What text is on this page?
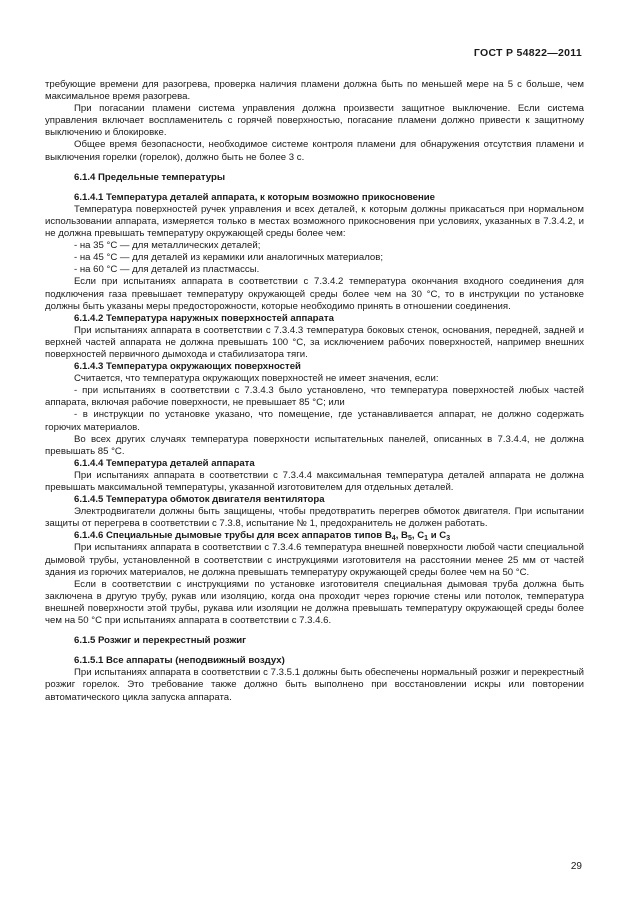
ГОСТ Р 54822—2011

требующие времени для разогрева, проверка наличия пламени должна быть по меньшей мере на 5 с больше, чем максимальное время разогрева.

При погасании пламени система управления должна произвести защитное выключение. Если система управления включает воспламенитель с горячей поверхностью, погасание пламени должно привести к защитному выключению и блокировке.

Общее время безопасности, необходимое системе контроля пламени для обнаружения отсутствия пламени и выключения горелки (горелок), должно быть не более 3 с.

6.1.4 Предельные температуры

6.1.4.1 Температура деталей аппарата, к которым возможно прикосновение

Температура поверхностей ручек управления и всех деталей, к которым должны прикасаться при нормальном использовании аппарата, измеряется только в местах возможного прикосновения при условиях, указанных в 7.3.4.2, и не должна превышать температуру окружающей среды более чем:

- на 35 °С — для металлических деталей;

- на 45 °С — для деталей из керамики или аналогичных материалов;

- на 60 °С — для деталей из пластмассы.

Если при испытаниях аппарата в соответствии с 7.3.4.2 температура окончания входного соединения для подключения газа превышает температуру окружающей среды более чем на 30 °С, то в инструкции по установке должны быть указаны меры предосторожности, которые необходимо принять в отношении соединения.

6.1.4.2 Температура наружных поверхностей аппарата

При испытаниях аппарата в соответствии с 7.3.4.3 температура боковых стенок, основания, передней, задней и верхней частей аппарата не должна превышать 100 °С, за исключением рабочих поверхностей, например внешних поверхностей первичного дымохода и стабилизатора тяги.

6.1.4.3 Температура окружающих поверхностей

Считается, что температура окружающих поверхностей не имеет значения, если:

- при испытаниях в соответствии с 7.3.4.3 было установлено, что температура поверхностей любых частей аппарата, включая рабочие поверхности, не превышает 85 °С; или

- в инструкции по установке указано, что помещение, где устанавливается аппарат, не должно содержать горючих материалов.

Во всех других случаях температура поверхности испытательных панелей, описанных в 7.3.4.4, не должна превышать 85 °С.

6.1.4.4 Температура деталей аппарата

При испытаниях аппарата в соответствии с 7.3.4.4 максимальная температура деталей аппарата не должна превышать максимальной температуры, указанной изготовителем для отдельных деталей.

6.1.4.5 Температура обмоток двигателя вентилятора

Электродвигатели должны быть защищены, чтобы предотвратить перегрев обмоток двигателя. При испытании защиты от перегрева в соответствии с 7.3.8, испытание № 1, предохранитель не должен работать.

6.1.4.6 Специальные дымовые трубы для всех аппаратов типов $B_4$, $B_5$, $C_1$ и $C_3$

При испытаниях аппарата в соответствии с 7.3.4.6 температура внешней поверхности любой части специальной дымовой трубы, установленной в соответствии с инструкциями изготовителя на расстоянии менее 25 мм от частей здания из горючих материалов, не должна превышать температуру окружающей среды более чем на 50 °С.

Если в соответствии с инструкциями по установке изготовителя специальная дымовая труба должна быть заключена в другую трубу, рукав или изоляцию, когда она проходит через горючие стены или потолок, температура внешней поверхности этой трубы, рукава или изоляции не должна превышать температуру окружающей среды более чем на 50 °С при испытаниях аппарата в соответствии с 7.3.4.6.

6.1.5 Розжиг и перекрестный розжиг

6.1.5.1 Все аппараты (неподвижный воздух)

При испытаниях аппарата в соответствии с 7.3.5.1 должны быть обеспечены нормальный розжиг и перекрестный розжиг горелок. Это требование также должно быть выполнено при восстановлении искры или повторении автоматического цикла запуска аппарата.

29
